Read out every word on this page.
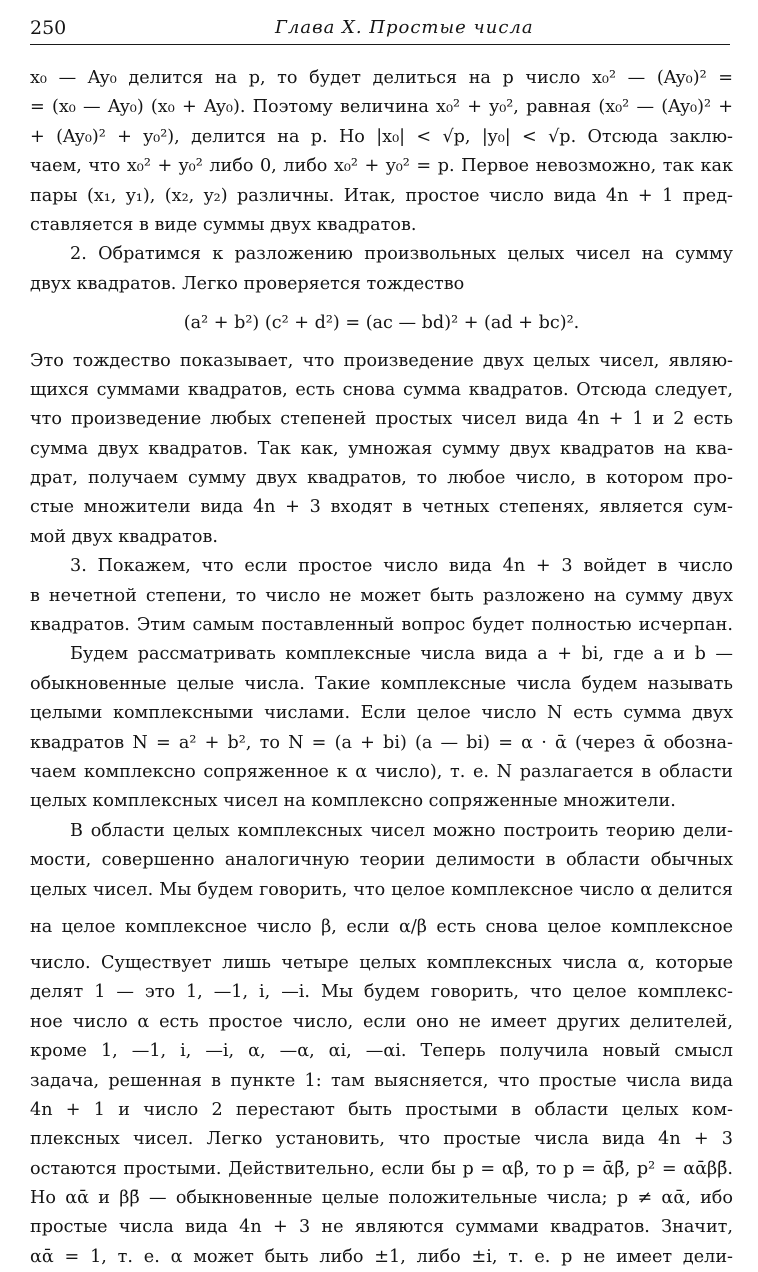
250	Глава X. Простые числа
x₀ — Ay₀ делится на p, то будет делиться на p число x₀² — (Ay₀)² =
= (x₀ — Ay₀) (x₀ + Ay₀). Поэтому величина x₀² + y₀², равная (x₀² — (Ay₀)² +
+ (Ay₀)² + y₀²), делится на p. Но |x₀| < √p, |y₀| < √p. Отсюда заклю-
чаем, что x₀² + y₀² либо 0, либо x₀² + y₀² = p. Первое невозможно, так как
пары (x₁, y₁), (x₂, y₂) различны. Итак, простое число вида 4n + 1 пред-
ставляется в виде суммы двух квадратов.
2. Обратимся к разложению произвольных целых чисел на сумму
двух квадратов. Легко проверяется тождество
(a² + b²) (c² + d²) = (ac — bd)² + (ad + bc)².
Это тождество показывает, что произведение двух целых чисел, являю-
щихся суммами квадратов, есть снова сумма квадратов. Отсюда следует,
что произведение любых степеней простых чисел вида 4n + 1 и 2 есть
сумма двух квадратов. Так как, умножая сумму двух квадратов на ква-
драт, получаем сумму двух квадратов, то любое число, в котором про-
стые множители вида 4n + 3 входят в четных степенях, является сум-
мой двух квадратов.
3. Покажем, что если простое число вида 4n + 3 войдет в число
в нечетной степени, то число не может быть разложено на сумму двух
квадратов. Этим самым поставленный вопрос будет полностью исчерпан.
Будем рассматривать комплексные числа вида a + bi, где a и b —
обыкновенные целые числа. Такие комплексные числа будем называть
целыми комплексными числами. Если целое число N есть сумма двух
квадратов N = a² + b², то N = (a + bi) (a — bi) = α · ᾱ (через ᾱ обозна-
чаем комплексно сопряженное к α число), т. е. N разлагается в области
целых комплексных чисел на комплексно сопряженные множители.
В области целых комплексных чисел можно построить теорию дели-
мости, совершенно аналогичную теории делимости в области обычных
целых чисел. Мы будем говорить, что целое комплексное число α делится
на целое комплексное число β, если α/β есть снова целое комплексное
число. Существует лишь четыре целых комплексных числа α, которые
делят 1 — это 1, —1, i, —i. Мы будем говорить, что целое комплекс-
ное число α есть простое число, если оно не имеет других делителей,
кроме 1, —1, i, —i, α, —α, αi, —αi. Теперь получила новый смысл
задача, решенная в пункте 1: там выясняется, что простые числа вида
4n + 1 и число 2 перестают быть простыми в области целых ком-
плексных чисел. Легко установить, что простые числа вида 4n + 3
остаются простыми. Действительно, если бы p = αβ, то p = ᾱβ̄, p² = αᾱββ̄.
Но αᾱ и ββ̄ — обыкновенные целые положительные числа; p ≠ αᾱ, ибо
простые числа вида 4n + 3 не являются суммами квадратов. Значит,
αᾱ = 1, т. е. α может быть либо ±1, либо ±i, т. е. p не имеет дели-
